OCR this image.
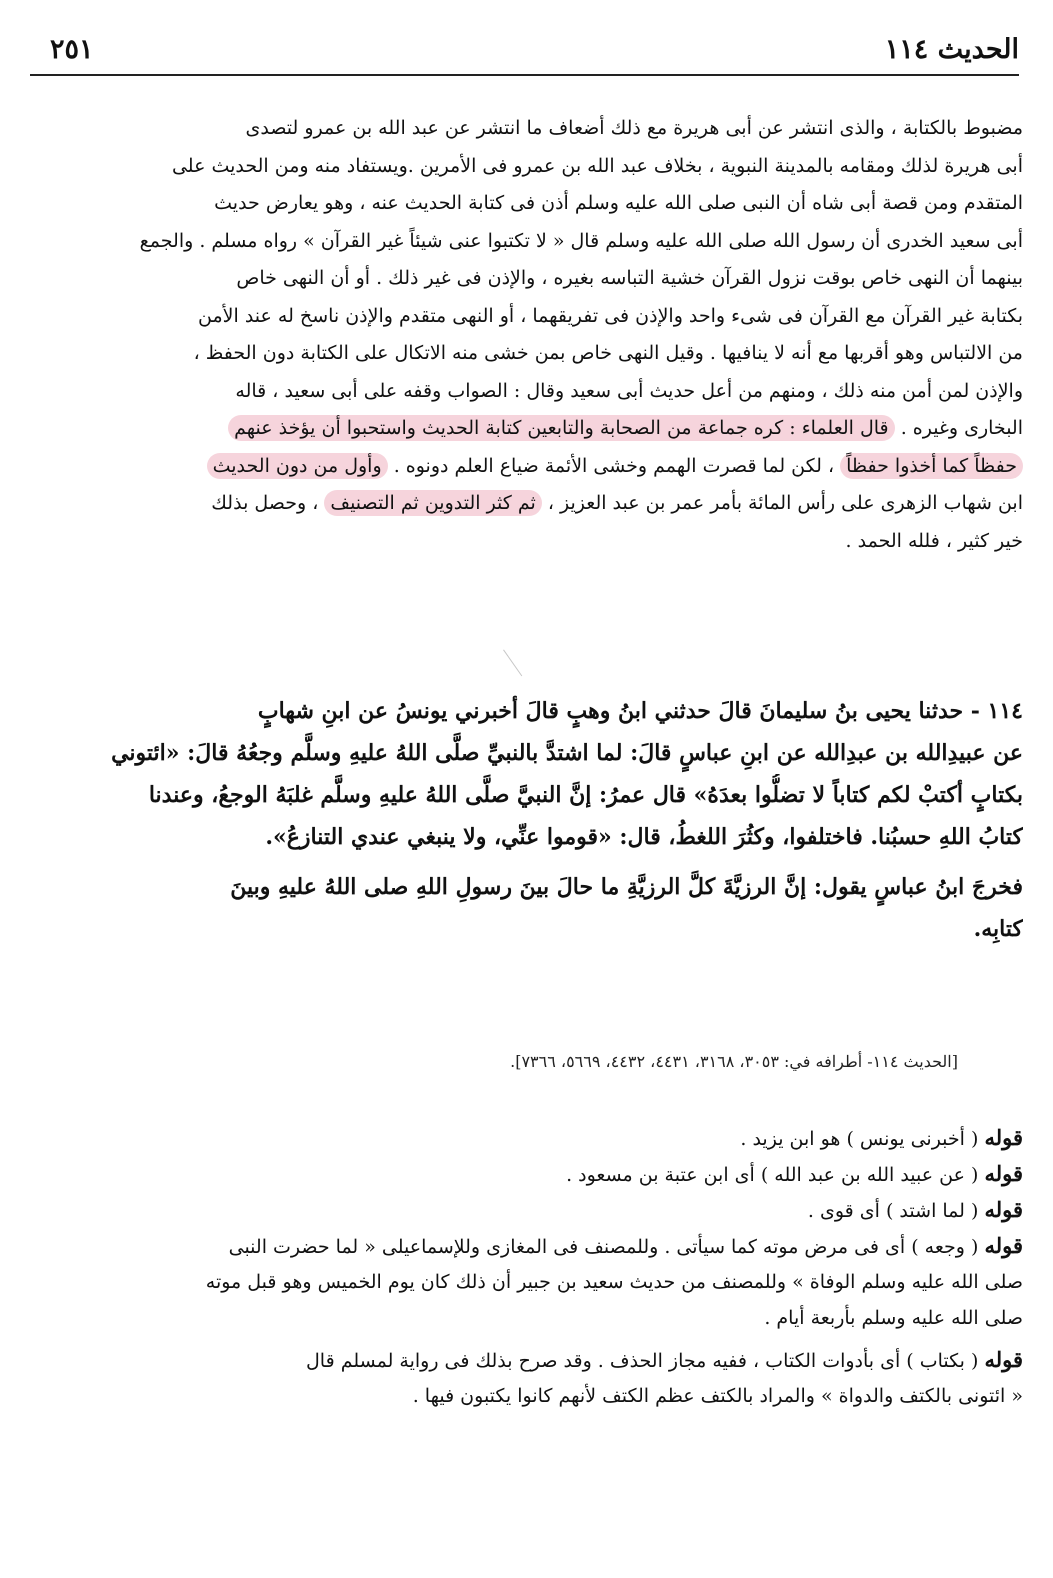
الحديث ١١٤
٢٥١
مضبوط بالكتابة ، والذى انتشر عن أبى هريرة مع ذلك أضعاف ما انتشر عن عبد الله بن عمرو لتصدى
أبى هريرة لذلك ومقامه بالمدينة النبوية ، بخلاف عبد الله بن عمرو فى الأمرين .ويستفاد منه ومن الحديث على
المتقدم ومن قصة أبى شاه أن النبى صلى الله عليه وسلم أذن فى كتابة الحديث عنه ، وهو يعارض حديث
أبى سعيد الخدرى أن رسول الله صلى الله عليه وسلم قال « لا تكتبوا عنى شيئاً غير القرآن » رواه مسلم . والجمع
بينهما أن النهى خاص بوقت نزول القرآن خشية التباسه بغيره ، والإذن فى غير ذلك . أو أن النهى خاص
بكتابة غير القرآن مع القرآن فى شىء واحد والإذن فى تفريقهما ، أو النهى متقدم والإذن ناسخ له عند الأمن
من الالتباس وهو أقربها مع أنه لا ينافيها . وقيل النهى خاص بمن خشى منه الاتكال على الكتابة دون الحفظ ،
والإذن لمن أمن منه ذلك ، ومنهم من أعل حديث أبى سعيد وقال : الصواب وقفه على أبى سعيد ، قاله
البخارى وغيره . قال العلماء : كره جماعة من الصحابة والتابعين كتابة الحديث واستحبوا أن يؤخذ عنهم
حفظاً كما أخذوا حفظاً ، لكن لما قصرت الهمم وخشى الأئمة ضياع العلم دونوه . وأول من دون الحديث
ابن شهاب الزهرى على رأس المائة بأمر عمر بن عبد العزيز ، ثم كثر التدوين ثم التصنيف ، وحصل بذلك
خير كثير ، فلله الحمد .
١١٤ - حدثنا يحيى بنُ سليمانَ قالَ حدثني ابنُ وهبٍ قالَ أخبرني يونسُ عن ابنِ شهابٍ
عن عبيدِالله بن عبدِالله عن ابنِ عباسٍ قالَ: لما اشتدَّ بالنبيِّ صلَّى اللهُ عليهِ وسلَّم وجعُهُ قالَ: «ائتوني
بكتابٍ أكتبْ لكم كتاباً لا تضلُّوا بعدَهُ» قال عمرُ: إنَّ النبيَّ صلَّى اللهُ عليهِ وسلَّم غلبَهُ الوجعُ، وعندنا
كتابُ اللهِ حسبُنا. فاختلفوا، وكثُرَ اللغطُ، قال: «قوموا عنِّي، ولا ينبغي عندي التنازعُ».
فخرجَ ابنُ عباسٍ يقول: إنَّ الرزيَّةَ كلَّ الرزيَّةِ ما حالَ بينَ رسولِ اللهِ صلى اللهُ عليهِ وبينَ
كتابِه.
[الحديث ١١٤- أطرافه في: ٣٠٥٣، ٣١٦٨، ٤٤٣١، ٤٤٣٢، ٥٦٦٩، ٧٣٦٦].
قوله ( أخبرنى يونس ) هو ابن يزيد .
قوله ( عن عبيد الله بن عبد الله ) أى ابن عتبة بن مسعود .
قوله ( لما اشتد ) أى قوى .
قوله ( وجعه ) أى فى مرض موته كما سيأتى . وللمصنف فى المغازى وللإسماعيلى « لما حضرت النبى
صلى الله عليه وسلم الوفاة » وللمصنف من حديث سعيد بن جبير أن ذلك كان يوم الخميس وهو قبل موته
صلى الله عليه وسلم بأربعة أيام .
قوله ( بكتاب ) أى بأدوات الكتاب ، ففيه مجاز الحذف . وقد صرح بذلك فى رواية لمسلم قال
« ائتونى بالكتف والدواة » والمراد بالكتف عظم الكتف لأنهم كانوا يكتبون فيها .
